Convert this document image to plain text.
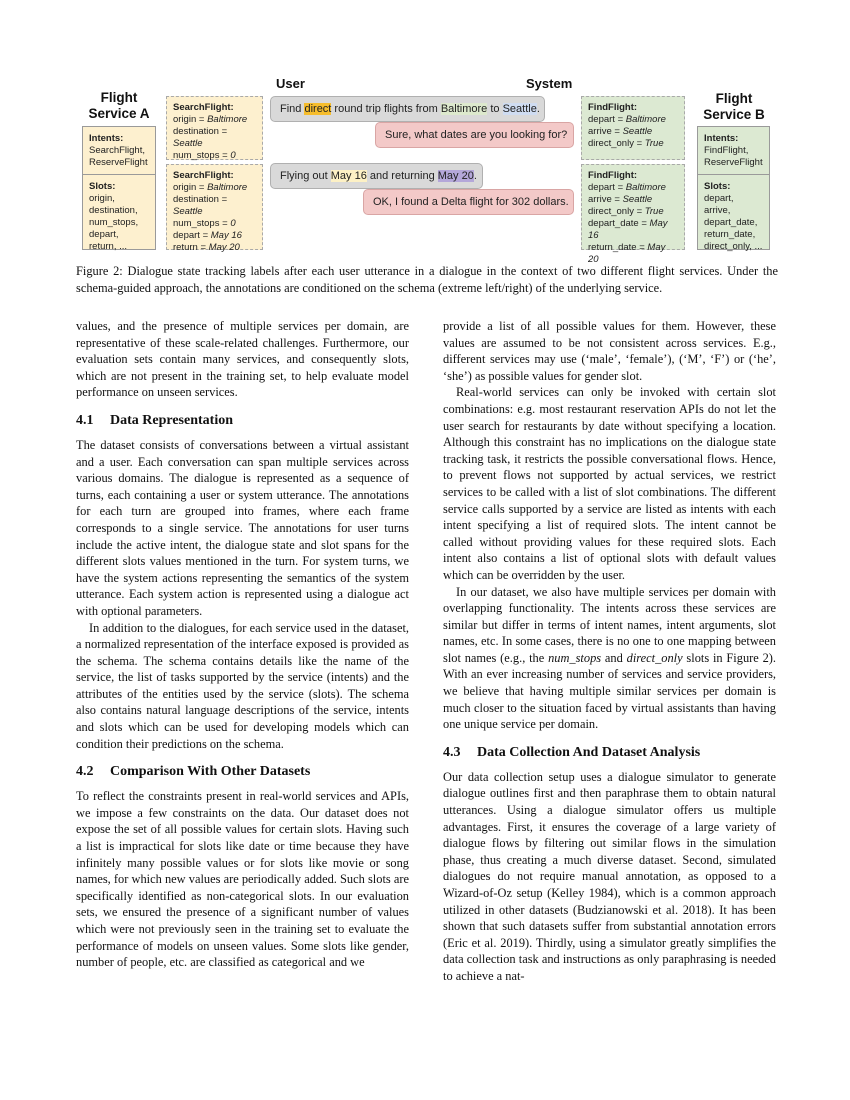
Flight
Service A
Intents:
SearchFlight,
ReserveFlight
Slots:
origin,
destination,
num_stops,
depart,
return, ...
SearchFlight:
origin = Baltimore
destination = Seattle
num_stops = 0
SearchFlight:
origin = Baltimore
destination = Seattle
num_stops = 0
depart = May 16
return = May 20
User	System
Find direct round trip flights from Baltimore to Seattle.
Sure, what dates are you looking for?
Flying out May 16 and returning May 20.
OK, I found a Delta flight for 302 dollars.
FindFlight:
depart = Baltimore
arrive = Seattle
direct_only = True
FindFlight:
depart = Baltimore
arrive = Seattle
direct_only = True
depart_date = May 16
return_date = May 20
Flight
Service B
Intents:
FindFlight,
ReserveFlight
Slots:
depart,
arrive,
depart_date,
return_date,
direct_only, ...
Figure 2: Dialogue state tracking labels after each user utterance in a dialogue in the context of two different flight services. Under the schema-guided approach, the annotations are conditioned on the schema (extreme left/right) of the underlying service.

values, and the presence of multiple services per domain, are representative of these scale-related challenges. Furthermore, our evaluation sets contain many services, and consequently slots, which are not present in the training set, to help evaluate model performance on unseen services.

4.1 Data Representation

The dataset consists of conversations between a virtual assistant and a user. Each conversation can span multiple services across various domains. The dialogue is represented as a sequence of turns, each containing a user or system utterance. The annotations for each turn are grouped into frames, where each frame corresponds to a single service. The annotations for user turns include the active intent, the dialogue state and slot spans for the different slots values mentioned in the turn. For system turns, we have the system actions representing the semantics of the system utterance. Each system action is represented using a dialogue act with optional parameters.

In addition to the dialogues, for each service used in the dataset, a normalized representation of the interface exposed is provided as the schema. The schema contains details like the name of the service, the list of tasks supported by the service (intents) and the attributes of the entities used by the service (slots). The schema also contains natural language descriptions of the service, intents and slots which can be used for developing models which can condition their predictions on the schema.

4.2 Comparison With Other Datasets

To reflect the constraints present in real-world services and APIs, we impose a few constraints on the data. Our dataset does not expose the set of all possible values for certain slots. Having such a list is impractical for slots like date or time because they have infinitely many possible values or for slots like movie or song names, for which new values are periodically added. Such slots are specifically identified as non-categorical slots. In our evaluation sets, we ensured the presence of a significant number of values which were not previously seen in the training set to evaluate the performance of models on unseen values. Some slots like gender, number of people, etc. are classified as categorical and we

provide a list of all possible values for them. However, these values are assumed to be not consistent across services. E.g., different services may use (‘male’, ‘female’), (‘M’, ‘F’) or (‘he’, ‘she’) as possible values for gender slot.

Real-world services can only be invoked with certain slot combinations: e.g. most restaurant reservation APIs do not let the user search for restaurants by date without specifying a location. Although this constraint has no implications on the dialogue state tracking task, it restricts the possible conversational flows. Hence, to prevent flows not supported by actual services, we restrict services to be called with a list of slot combinations. The different service calls supported by a service are listed as intents with each intent specifying a list of required slots. The intent cannot be called without providing values for these required slots. Each intent also contains a list of optional slots with default values which can be overridden by the user.

In our dataset, we also have multiple services per domain with overlapping functionality. The intents across these services are similar but differ in terms of intent names, intent arguments, slot names, etc. In some cases, there is no one to one mapping between slot names (e.g., the num_stops and direct_only slots in Figure 2). With an ever increasing number of services and service providers, we believe that having multiple similar services per domain is much closer to the situation faced by virtual assistants than having one unique service per domain.

4.3 Data Collection And Dataset Analysis

Our data collection setup uses a dialogue simulator to generate dialogue outlines first and then paraphrase them to obtain natural utterances. Using a dialogue simulator offers us multiple advantages. First, it ensures the coverage of a large variety of dialogue flows by filtering out similar flows in the simulation phase, thus creating a much diverse dataset. Second, simulated dialogues do not require manual annotation, as opposed to a Wizard-of-Oz setup (Kelley 1984), which is a common approach utilized in other datasets (Budzianowski et al. 2018). It has been shown that such datasets suffer from substantial annotation errors (Eric et al. 2019). Thirdly, using a simulator greatly simplifies the data collection task and instructions as only paraphrasing is needed to achieve a nat-
